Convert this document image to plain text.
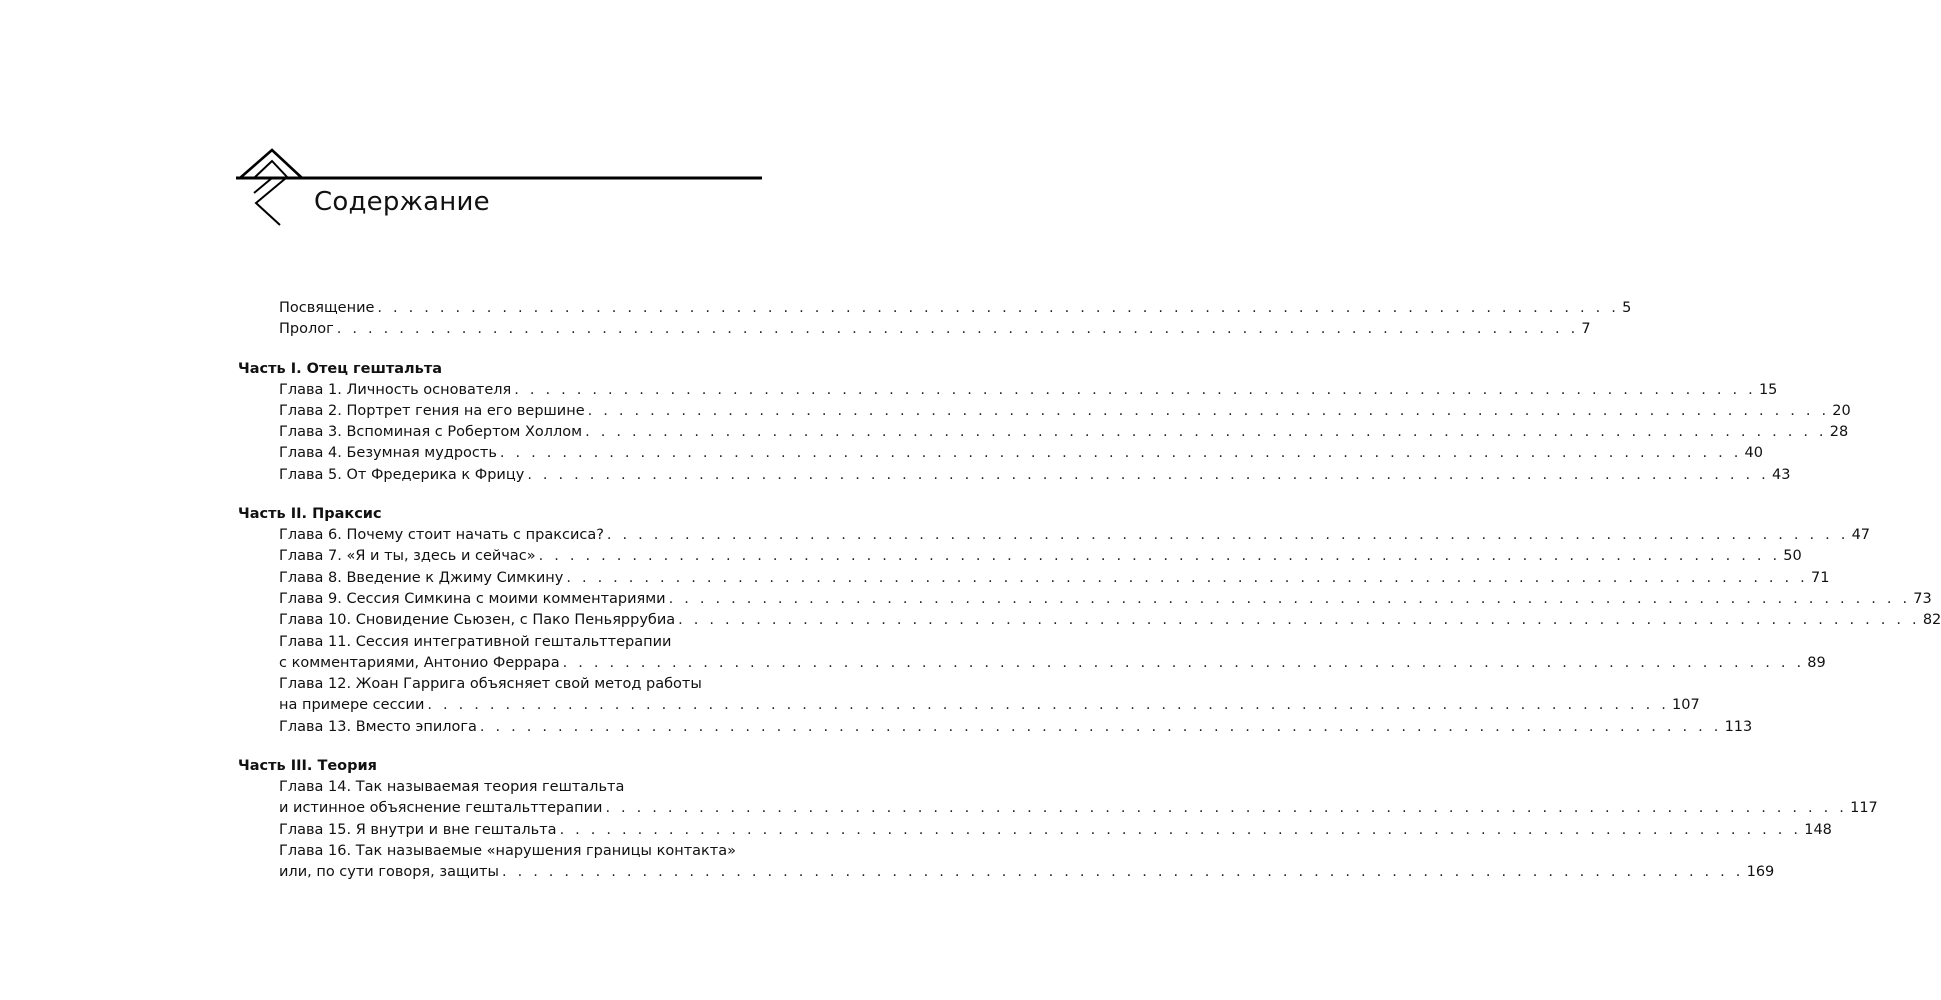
Содержание
Посвящение . . . . . . . . . . . . . . . . . . . . . . . . . . . . . . . . . . . . . . . . . . . . . . . . . . . . . . . . . . . . . . . . . . . . . . . . . . . . . . . . 5
Пролог . . . . . . . . . . . . . . . . . . . . . . . . . . . . . . . . . . . . . . . . . . . . . . . . . . . . . . . . . . . . . . . . . . . . . . . . . . . . . . . . 7
Часть I. Отец гештальта
Глава 1. Личность основателя . . . . . . . . . . . . . . . . . . . . . . . . . . . . . . . . . . . . . . . . . . . . . . . . . . . . . . . . . . . . . . . . . . . . . . . . . . . . . . . . 15
Глава 2. Портрет гения на его вершине . . . . . . . . . . . . . . . . . . . . . . . . . . . . . . . . . . . . . . . . . . . . . . . . . . . . . . . . . . . . . . . . . . . . . . . . . . . . . . . . 20
Глава 3. Вспоминая с Робертом Холлом . . . . . . . . . . . . . . . . . . . . . . . . . . . . . . . . . . . . . . . . . . . . . . . . . . . . . . . . . . . . . . . . . . . . . . . . . . . . . . . . 28
Глава 4. Безумная мудрость . . . . . . . . . . . . . . . . . . . . . . . . . . . . . . . . . . . . . . . . . . . . . . . . . . . . . . . . . . . . . . . . . . . . . . . . . . . . . . . . 40
Глава 5. От Фредерика к Фрицу . . . . . . . . . . . . . . . . . . . . . . . . . . . . . . . . . . . . . . . . . . . . . . . . . . . . . . . . . . . . . . . . . . . . . . . . . . . . . . . . 43
Часть II. Праксис
Глава 6. Почему стоит начать с праксиса? . . . . . . . . . . . . . . . . . . . . . . . . . . . . . . . . . . . . . . . . . . . . . . . . . . . . . . . . . . . . . . . . . . . . . . . . . . . . . . . . 47
Глава 7. «Я и ты, здесь и сейчас» . . . . . . . . . . . . . . . . . . . . . . . . . . . . . . . . . . . . . . . . . . . . . . . . . . . . . . . . . . . . . . . . . . . . . . . . . . . . . . . . 50
Глава 8. Введение к Джиму Симкину . . . . . . . . . . . . . . . . . . . . . . . . . . . . . . . . . . . . . . . . . . . . . . . . . . . . . . . . . . . . . . . . . . . . . . . . . . . . . . . . 71
Глава 9. Сессия Симкина с моими комментариями . . . . . . . . . . . . . . . . . . . . . . . . . . . . . . . . . . . . . . . . . . . . . . . . . . . . . . . . . . . . . . . . . . . . . . . . . . . . . . . . 73
Глава 10. Сновидение Сьюзен, с Пако Пеньяррубиа . . . . . . . . . . . . . . . . . . . . . . . . . . . . . . . . . . . . . . . . . . . . . . . . . . . . . . . . . . . . . . . . . . . . . . . . . . . . . . . . 82
Глава 11. Сессия интегративной гештальттерапии
с комментариями, Антонио Феррара . . . . . . . . . . . . . . . . . . . . . . . . . . . . . . . . . . . . . . . . . . . . . . . . . . . . . . . . . . . . . . . . . . . . . . . . . . . . . . . . 89
Глава 12. Жоан Гаррига объясняет свой метод работы
на примере сессии . . . . . . . . . . . . . . . . . . . . . . . . . . . . . . . . . . . . . . . . . . . . . . . . . . . . . . . . . . . . . . . . . . . . . . . . . . . . . . . . 107
Глава 13. Вместо эпилога . . . . . . . . . . . . . . . . . . . . . . . . . . . . . . . . . . . . . . . . . . . . . . . . . . . . . . . . . . . . . . . . . . . . . . . . . . . . . . . . 113
Часть III. Теория
Глава 14. Так называемая теория гештальта
и истинное объяснение гештальттерапии . . . . . . . . . . . . . . . . . . . . . . . . . . . . . . . . . . . . . . . . . . . . . . . . . . . . . . . . . . . . . . . . . . . . . . . . . . . . . . . . 117
Глава 15. Я внутри и вне гештальта . . . . . . . . . . . . . . . . . . . . . . . . . . . . . . . . . . . . . . . . . . . . . . . . . . . . . . . . . . . . . . . . . . . . . . . . . . . . . . . . 148
Глава 16. Так называемые «нарушения границы контакта»
или, по сути говоря, защиты . . . . . . . . . . . . . . . . . . . . . . . . . . . . . . . . . . . . . . . . . . . . . . . . . . . . . . . . . . . . . . . . . . . . . . . . . . . . . . . . 169
